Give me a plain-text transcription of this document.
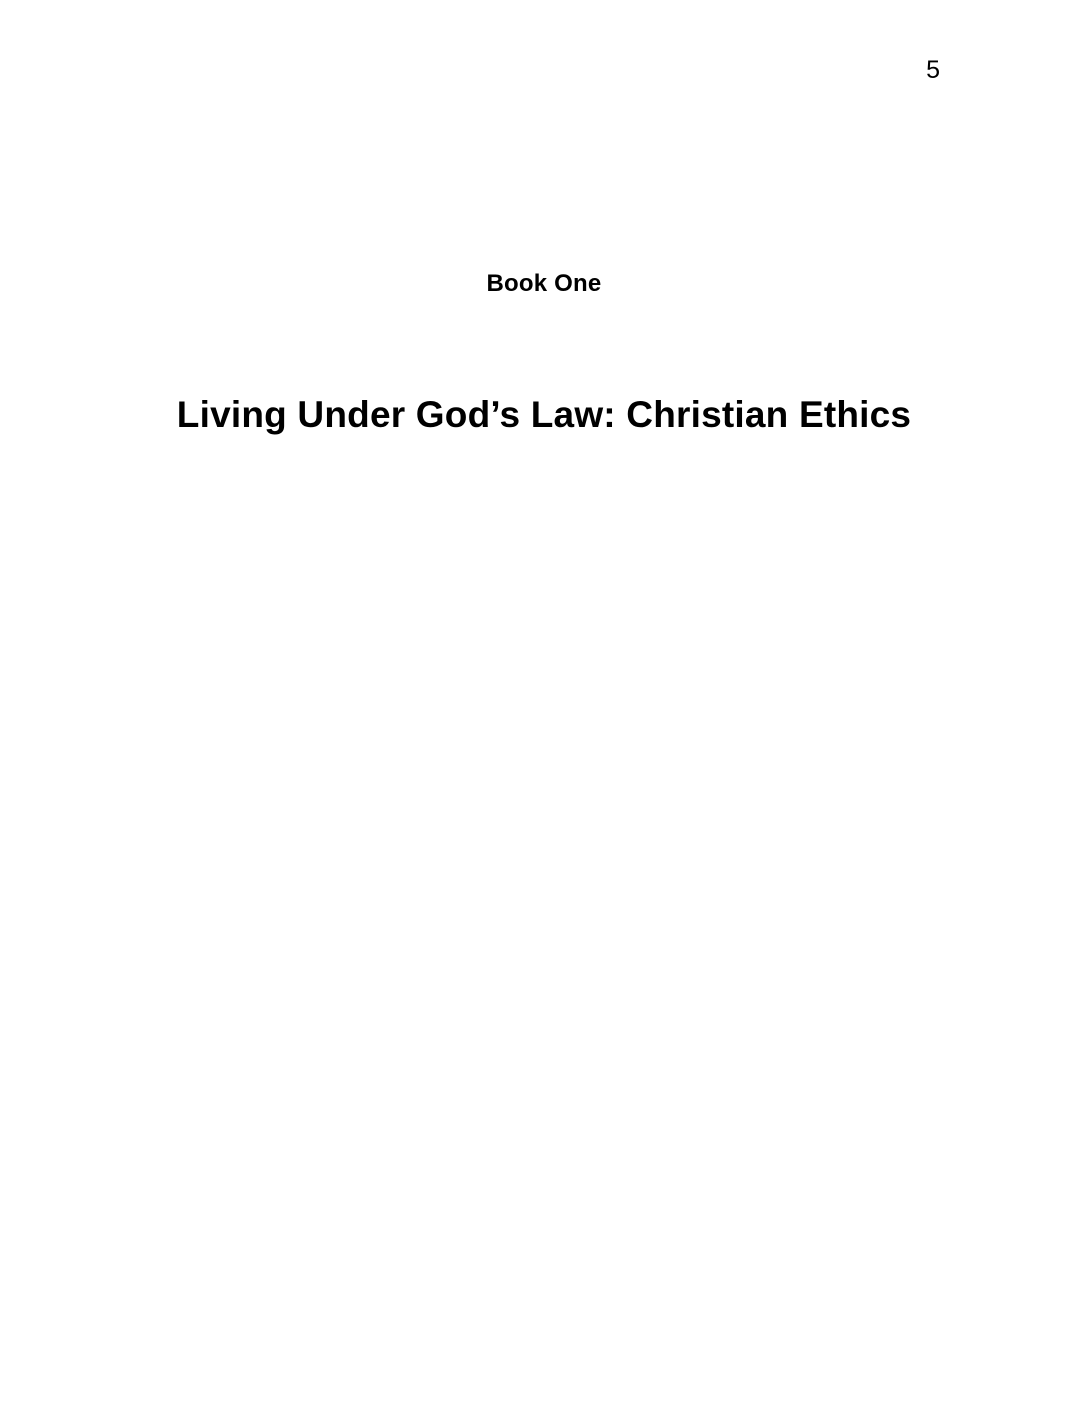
5
Book One
Living Under God’s Law: Christian Ethics
